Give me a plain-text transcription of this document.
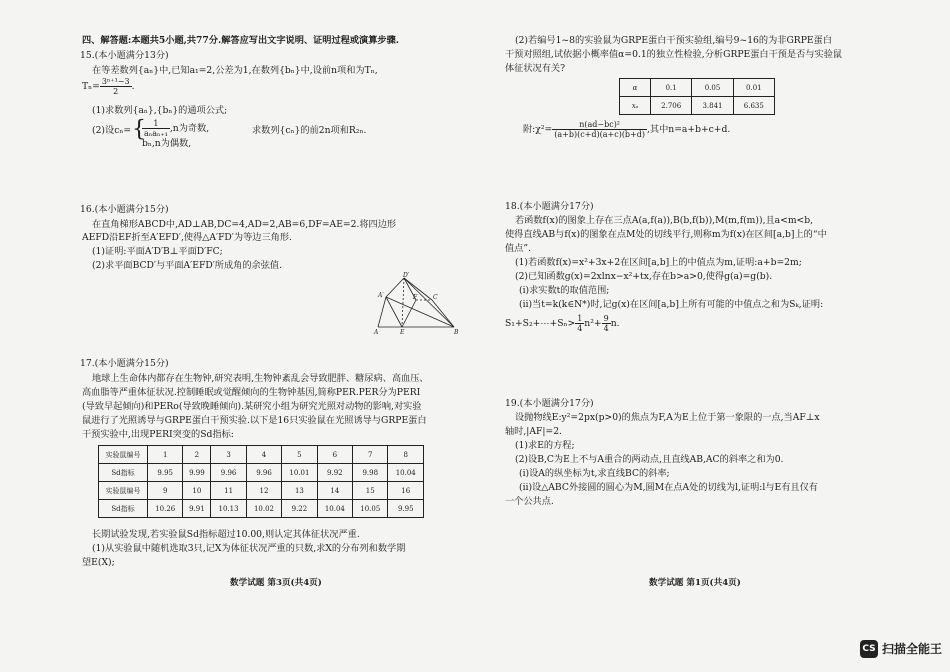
四、解答题:本题共5小题,共77分.解答应写出文字说明、证明过程或演算步骤.
15.(本小题满分13分)
在等差数列{aₙ}中,已知a₁=2,公差为1,在数列{bₙ}中,设前n项和为Tₙ,
$T_n= \frac{\text{3ⁿ⁺¹−3}}{2}$ .
(1)求数列{aₙ},{bₙ}的通项公式;
(2)设cₙ= {
$\frac{1}{\text{aₙaₙ₊₁}} ,n$为奇数,
bₙ,n为偶数,
求数列{cₙ}的前2n项和R₂ₙ.
16.(本小题满分15分)
在直角梯形ABCD中,AD⊥AB,DC=4,AD=2,AB=6,DF=AE=2.将四边形
AEFD沿EF折至A′EFD′,使得△A′FD′为等边三角形.
(1)证明:平面A′D′B⊥平面D′FC;
(2)求平面BCD′与平面A′EFD′所成角的余弦值.
D′
A′	F	C
A	E	B
17.(本小题满分15分)
地球上生命体内都存在生物钟,研究表明,生物钟紊乱会导致肥胖、糖尿病、高血压、
高血脂等严重体征状况.控制睡眠或觉醒倾向的生物钟基因,简称PER.PER分为PERI
(导致早起倾向)和PERo(导致晚睡倾向).某研究小组为研究光照对动物的影响,对实验
鼠进行了光照诱导与GRPE蛋白干预实验.以下是16只实验鼠在光照诱导与GRPE蛋白
干预实验中,出现PERI突变的Sd指标:
实验鼠编号	1	2	3	4	5	6	7	8
Sd指标	9.95	9.99	9.96	9.96	10.01	9.92	9.98	10.04
实验鼠编号	9	10	11	12	13	14	15	16
Sd指标	10.26	9.91	10.13	10.02	9.22	10.04	10.05	9.95
长期试验发现,若实验鼠Sd指标超过10.00,则认定其体征状况严重.
(1)从实验鼠中随机选取3只,记X为体征状况严重的只数,求X的分布列和数学期
望E(X);
数学试题 第3页(共4页)
(2)若编号1~8的实验鼠为GRPE蛋白干预实验组,编号9~16的为非GRPE蛋白
干预对照组,试依据小概率值α=0.1的独立性检验,分析GRPE蛋白干预是否与实验鼠
体征状况有关?
α	0.1	0.05	0.01
xₐ	2.706	3.841	6.635
附:χ²= $\frac{\text{n(ad−bc)²}}{(a+b)(c+d)(a+c)(b+d)}$ ,其中n=a+b+c+d.
18.(本小题满分17分)
若函数f(x)的图象上存在三点A(a,f(a)),B(b,f(b)),M(m,f(m)),且a<m<b,
使得直线AB与f(x)的图象在点M处的切线平行,则称m为f(x)在区间[a,b]上的“中
值点”.
(1)若函数f(x)=x²+3x+2在区间[a,b]上的中值点为m,证明:a+b=2m;
(2)已知函数g(x)=2xlnx−x²+tx,存在b>a>0,使得g(a)=g(b).
(ⅰ)求实数t的取值范围;
(ⅱ)当t=k(k∈N*)时,记g(x)在区间[a,b]上所有可能的中值点之和为Sₖ,证明:
S₁+S₂+⋯+Sₙ> $\frac{1}{4} n^2+ \frac{9}{4} n$.
19.(本小题满分17分)
设抛物线E:y²=2px(p>0)的焦点为F,A为E上位于第一象限的一点,当AF⊥x
轴时,|AF|=2.
(1)求E的方程;
(2)设B,C为E上不与A重合的两动点,且直线AB,AC的斜率之和为0.
(ⅰ)设A的纵坐标为t,求直线BC的斜率;
(ⅱ)设△ABC外接圆的圆心为M,圆M在点A处的切线为l,证明:l与E有且仅有
一个公共点.
数学试题 第1页(共4页)
CS 扫描全能王
